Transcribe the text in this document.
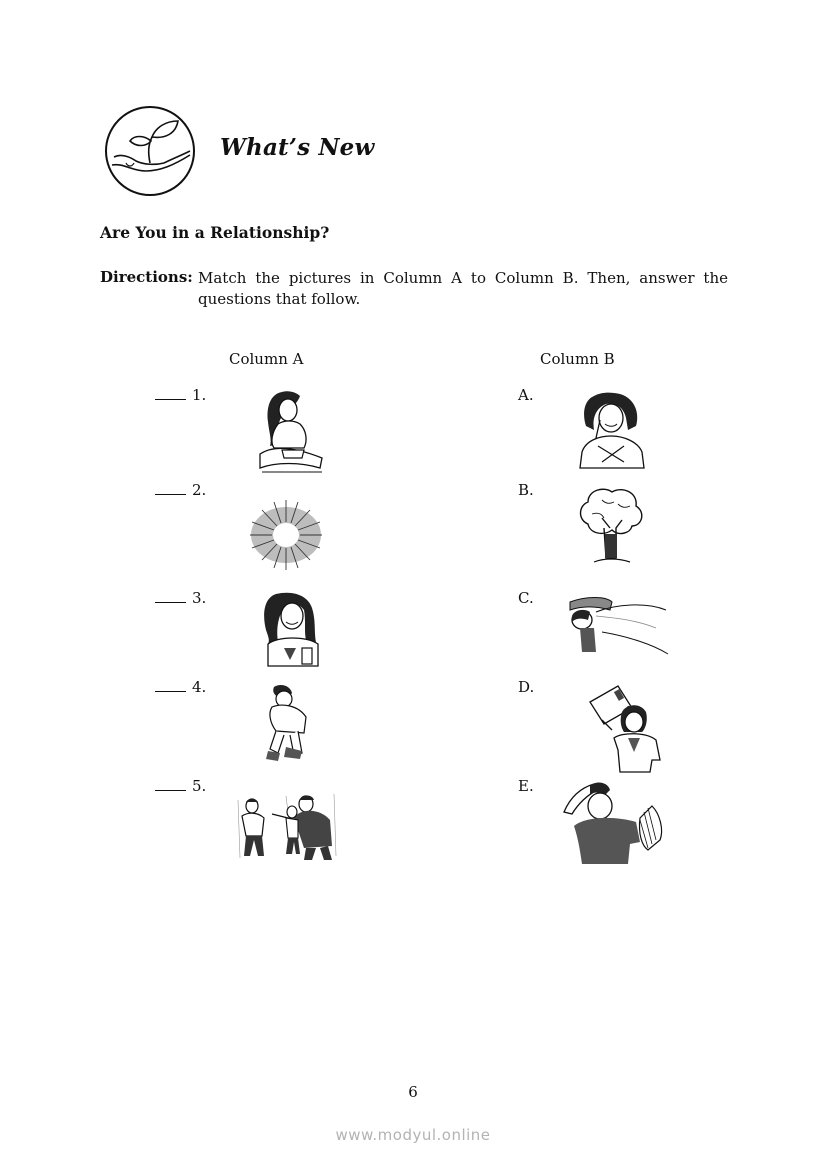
What’s New
Are You in a Relationship?
Directions: Match the pictures in Column A to Column B. Then, answer the questions that follow.
Column A	Column B
1.
2.
3.
4.
5.
A.
B.
C.
D.
E.
6
www.modyul.online
